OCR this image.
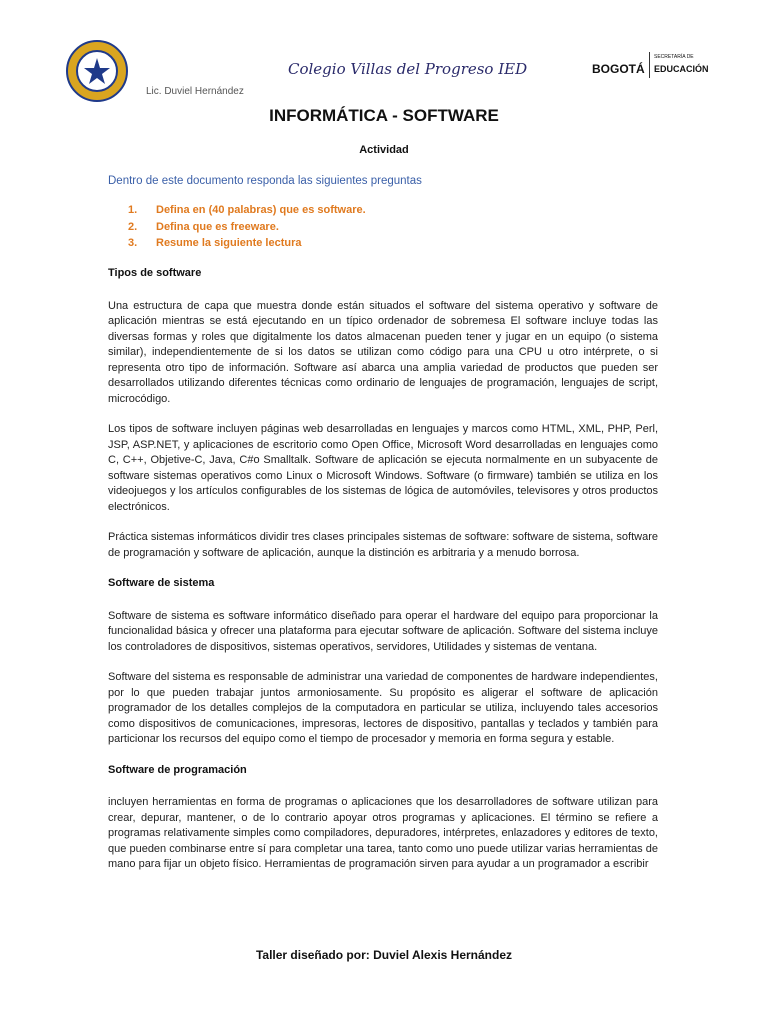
Colegio Villas del Progreso IED
Lic. Duviel Hernández
BOGOTÁ
SECRETARÍA DE
EDUCACIÓN
INFORMÁTICA - SOFTWARE
Actividad
Dentro de este documento responda las siguientes preguntas
1. Defina en (40 palabras) que es software.
2. Defina que es freeware.
3. Resume la siguiente lectura
Tipos de software

Una estructura de capa que muestra donde están situados el software del sistema operativo y software de aplicación mientras se está ejecutando en un típico ordenador de sobremesa El software incluye todas las diversas formas y roles que digitalmente los datos almacenan pueden tener y jugar en un equipo (o sistema similar), independientemente de si los datos se utilizan como código para una CPU u otro intérprete, o si representa otro tipo de información. Software así abarca una amplia variedad de productos que pueden ser desarrollados utilizando diferentes técnicas como ordinario de lenguajes de programación, lenguajes de script, microcódigo.

Los tipos de software incluyen páginas web desarrolladas en lenguajes y marcos como HTML, XML, PHP, Perl, JSP, ASP.NET, y aplicaciones de escritorio como Open Office, Microsoft Word desarrolladas en lenguajes como C, C++, Objetive-C, Java, C#o Smalltalk. Software de aplicación se ejecuta normalmente en un subyacente de software sistemas operativos como Linux o Microsoft Windows. Software (o firmware) también se utiliza en los videojuegos y los artículos configurables de los sistemas de lógica de automóviles, televisores y otros productos electrónicos.

Práctica sistemas informáticos dividir tres clases principales sistemas de software: software de sistema, software de programación y software de aplicación, aunque la distinción es arbitraria y a menudo borrosa.

Software de sistema

Software de sistema es software informático diseñado para operar el hardware del equipo para proporcionar la funcionalidad básica y ofrecer una plataforma para ejecutar software de aplicación. Software del sistema incluye los controladores de dispositivos, sistemas operativos, servidores, Utilidades y sistemas de ventana.

Software del sistema es responsable de administrar una variedad de componentes de hardware independientes, por lo que pueden trabajar juntos armoniosamente. Su propósito es aligerar el software de aplicación programador de los detalles complejos de la computadora en particular se utiliza, incluyendo tales accesorios como dispositivos de comunicaciones, impresoras, lectores de dispositivo, pantallas y teclados y también para particionar los recursos del equipo como el tiempo de procesador y memoria en forma segura y estable.

Software de programación

incluyen herramientas en forma de programas o aplicaciones que los desarrolladores de software utilizan para crear, depurar, mantener, o de lo contrario apoyar otros programas y aplicaciones. El término se refiere a programas relativamente simples como compiladores, depuradores, intérpretes, enlazadores y editores de texto, que pueden combinarse entre sí para completar una tarea, tanto como uno puede utilizar varias herramientas de mano para fijar un objeto físico. Herramientas de programación sirven para ayudar a un programador a escribir

Taller diseñado por: Duviel Alexis Hernández
